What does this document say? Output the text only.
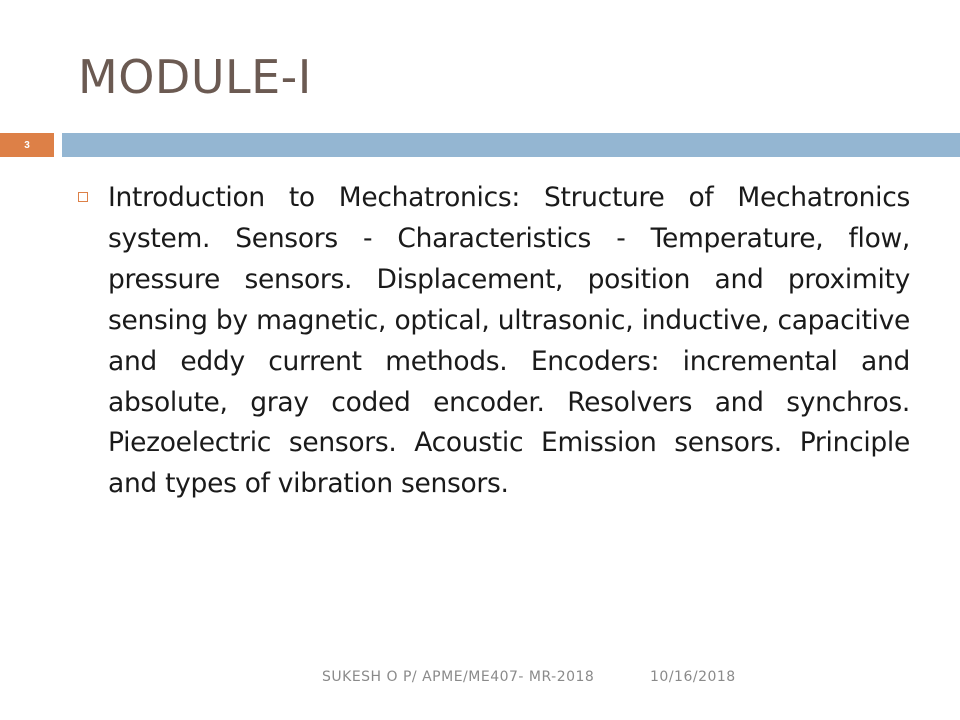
MODULE-I
3

Introduction to Mechatronics: Structure of Mechatronics system. Sensors - Characteristics - Temperature, flow, pressure sensors. Displacement, position and proximity sensing by magnetic, optical, ultrasonic, inductive, capacitive and eddy current methods. Encoders: incremental and absolute, gray coded encoder. Resolvers and synchros. Piezoelectric sensors. Acoustic Emission sensors. Principle and types of vibration sensors.

SUKESH O P/ APME/ME407- MR-2018	10/16/2018
